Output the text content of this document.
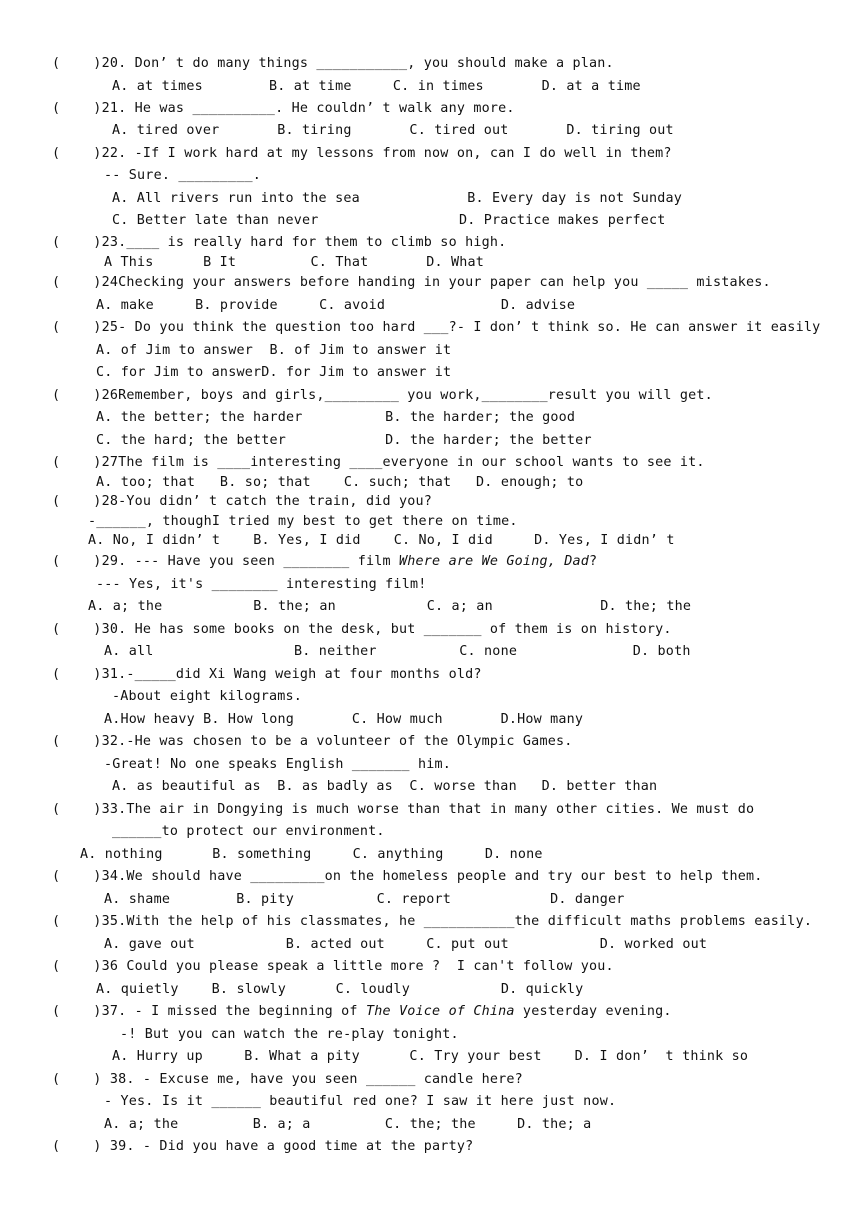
(    )20. Don’ t do many things ___________, you should make a plan.
A. at times        B. at time     C. in times       D. at a time
(    )21. He was __________. He couldn’ t walk any more.
A. tired over       B. tiring       C. tired out       D. tiring out
(    )22. -If I work hard at my lessons from now on, can I do well in them?
-- Sure. _________.
A. All rivers run into the sea             B. Every day is not Sunday
C. Better late than never                 D. Practice makes perfect
(    )23.____ is really hard for them to climb so high.
A This      B It         C. That       D. What
(    )24Checking your answers before handing in your paper can help you _____ mistakes.
A. make     B. provide     C. avoid              D. advise
(    )25- Do you think the question too hard ___?- I don’ t think so. He can answer it easily
A. of Jim to answer  B. of Jim to answer it
C. for Jim to answerD. for Jim to answer it
(    )26Remember, boys and girls,_________ you work,________result you will get.
A. the better; the harder          B. the harder; the good
C. the hard; the better            D. the harder; the better
(    )27The film is ____interesting ____everyone in our school wants to see it.
A. too; that   B. so; that    C. such; that   D. enough; to
(    )28-You didn’ t catch the train, did you?
-______, thoughI tried my best to get there on time.
A. No, I didn’ t    B. Yes, I did    C. No, I did     D. Yes, I didn’ t
(    )29. --- Have you seen ________ film Where are We Going, Dad?
--- Yes, it's ________ interesting film!
A. a; the           B. the; an           C. a; an             D. the; the
(    )30. He has some books on the desk, but _______ of them is on history.
A. all                 B. neither          C. none              D. both
(    )31.-_____did Xi Wang weigh at four months old?
-About eight kilograms.
A.How heavy B. How long       C. How much       D.How many
(    )32.-He was chosen to be a volunteer of the Olympic Games.
-Great! No one speaks English _______ him.
A. as beautiful as  B. as badly as  C. worse than   D. better than
(    )33.The air in Dongying is much worse than that in many other cities. We must do
______to protect our environment.
A. nothing      B. something     C. anything     D. none
(    )34.We should have _________on the homeless people and try our best to help them.
A. shame        B. pity          C. report            D. danger
(    )35.With the help of his classmates, he ___________the difficult maths problems easily.
A. gave out           B. acted out     C. put out           D. worked out
(    )36 Could you please speak a little more ?  I can't follow you.
A. quietly    B. slowly      C. loudly           D. quickly
(    )37. - I missed the beginning of The Voice of China yesterday evening.
-! But you can watch the re-play tonight.
A. Hurry up     B. What a pity      C. Try your best    D. I don’  t think so
(    ) 38. - Excuse me, have you seen ______ candle here?
- Yes. Is it ______ beautiful red one? I saw it here just now.
A. a; the         B. a; a         C. the; the     D. the; a
(    ) 39. - Did you have a good time at the party?
